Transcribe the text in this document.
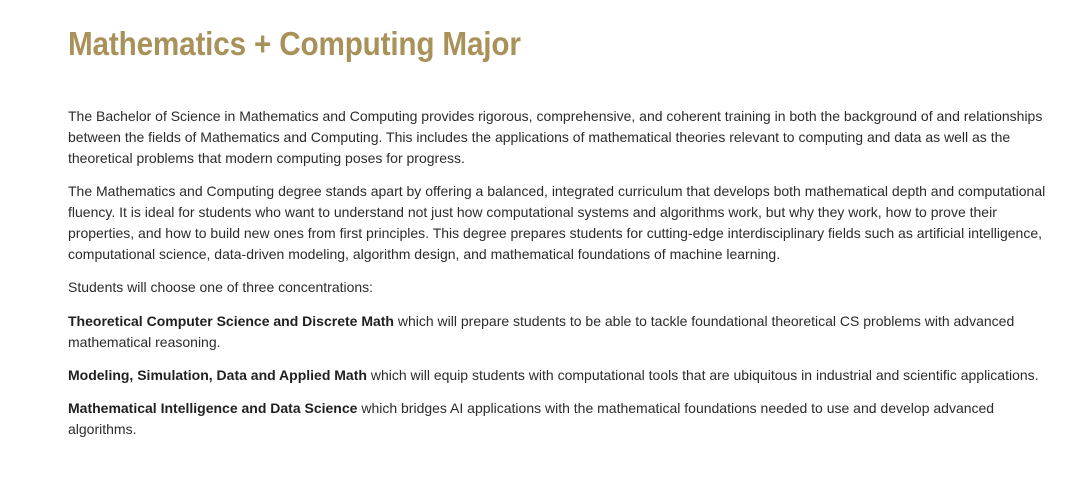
Mathematics + Computing Major

The Bachelor of Science in Mathematics and Computing provides rigorous, comprehensive, and coherent training in both the background of and relationships between the fields of Mathematics and Computing. This includes the applications of mathematical theories relevant to computing and data as well as the theoretical problems that modern computing poses for progress.

The Mathematics and Computing degree stands apart by offering a balanced, integrated curriculum that develops both mathematical depth and computational fluency. It is ideal for students who want to understand not just how computational systems and algorithms work, but why they work, how to prove their properties, and how to build new ones from first principles. This degree prepares students for cutting-edge interdisciplinary fields such as artificial intelligence, computational science, data-driven modeling, algorithm design, and mathematical foundations of machine learning.

Students will choose one of three concentrations:

Theoretical Computer Science and Discrete Math which will prepare students to be able to tackle foundational theoretical CS problems with advanced mathematical reasoning.

Modeling, Simulation, Data and Applied Math which will equip students with computational tools that are ubiquitous in industrial and scientific applications.

Mathematical Intelligence and Data Science which bridges AI applications with the mathematical foundations needed to use and develop advanced algorithms.
